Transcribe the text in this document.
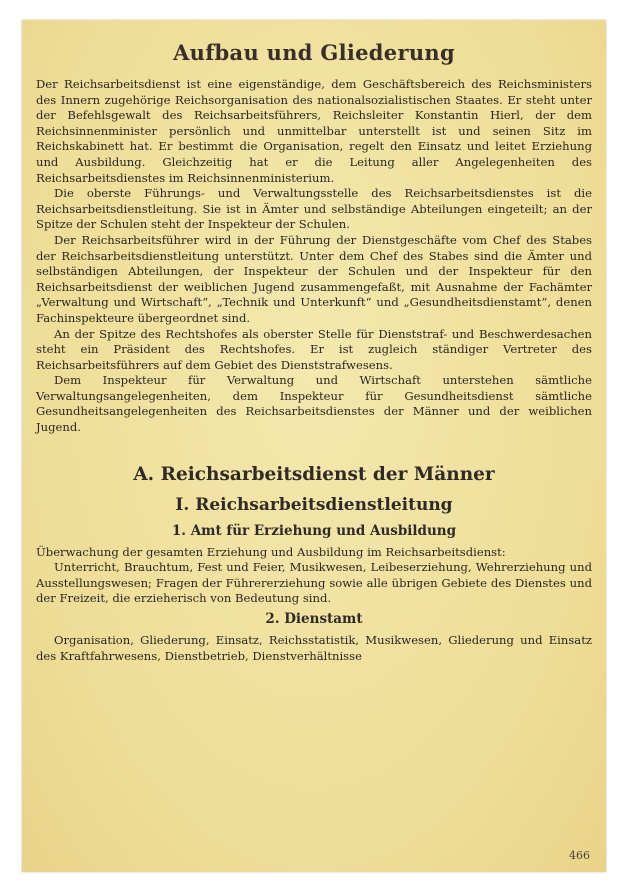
Aufbau und Gliederung

Der Reichsarbeitsdienst ist eine eigenständige, dem Geschäftsbereich des Reichsministers des Innern zugehörige Reichsorganisation des nationalsozialistischen Staates. Er steht unter der Befehlsgewalt des Reichsarbeitsführers, Reichsleiter Konstantin Hierl, der dem Reichsinnenminister persönlich und unmittelbar unterstellt ist und seinen Sitz im Reichskabinett hat. Er bestimmt die Organisation, regelt den Einsatz und leitet Erziehung und Ausbildung. Gleichzeitig hat er die Leitung aller Angelegenheiten des Reichsarbeitsdienstes im Reichsinnenministerium.

Die oberste Führungs- und Verwaltungsstelle des Reichsarbeitsdienstes ist die Reichsarbeitsdienstleitung. Sie ist in Ämter und selbständige Abteilungen eingeteilt; an der Spitze der Schulen steht der Inspekteur der Schulen.

Der Reichsarbeitsführer wird in der Führung der Dienstgeschäfte vom Chef des Stabes der Reichsarbeitsdienstleitung unterstützt. Unter dem Chef des Stabes sind die Ämter und selbständigen Abteilungen, der Inspekteur der Schulen und der Inspekteur für den Reichsarbeitsdienst der weiblichen Jugend zusammengefaßt, mit Ausnahme der Fachämter „Verwaltung und Wirtschaft“, „Technik und Unterkunft“ und „Gesundheitsdienstamt“, denen Fachinspekteure übergeordnet sind.

An der Spitze des Rechtshofes als oberster Stelle für Dienststraf- und Beschwerdesachen steht ein Präsident des Rechtshofes. Er ist zugleich ständiger Vertreter des Reichsarbeitsführers auf dem Gebiet des Dienststrafwesens.

Dem Inspekteur für Verwaltung und Wirtschaft unterstehen sämtliche Verwaltungsangelegenheiten, dem Inspekteur für Gesundheitsdienst sämtliche Gesundheitsangelegenheiten des Reichsarbeitsdienstes der Männer und der weiblichen Jugend.

A. Reichsarbeitsdienst der Männer
I. Reichsarbeitsdienstleitung
1. Amt für Erziehung und Ausbildung

Überwachung der gesamten Erziehung und Ausbildung im Reichsarbeitsdienst:

Unterricht, Brauchtum, Fest und Feier, Musikwesen, Leibeserziehung, Wehrerziehung und Ausstellungswesen; Fragen der Führererziehung sowie alle übrigen Gebiete des Dienstes und der Freizeit, die erzieherisch von Bedeutung sind.

2. Dienstamt

Organisation, Gliederung, Einsatz, Reichsstatistik, Musikwesen, Gliederung und Einsatz des Kraftfahrwesens, Dienstbetrieb, Dienstverhältnisse

466
